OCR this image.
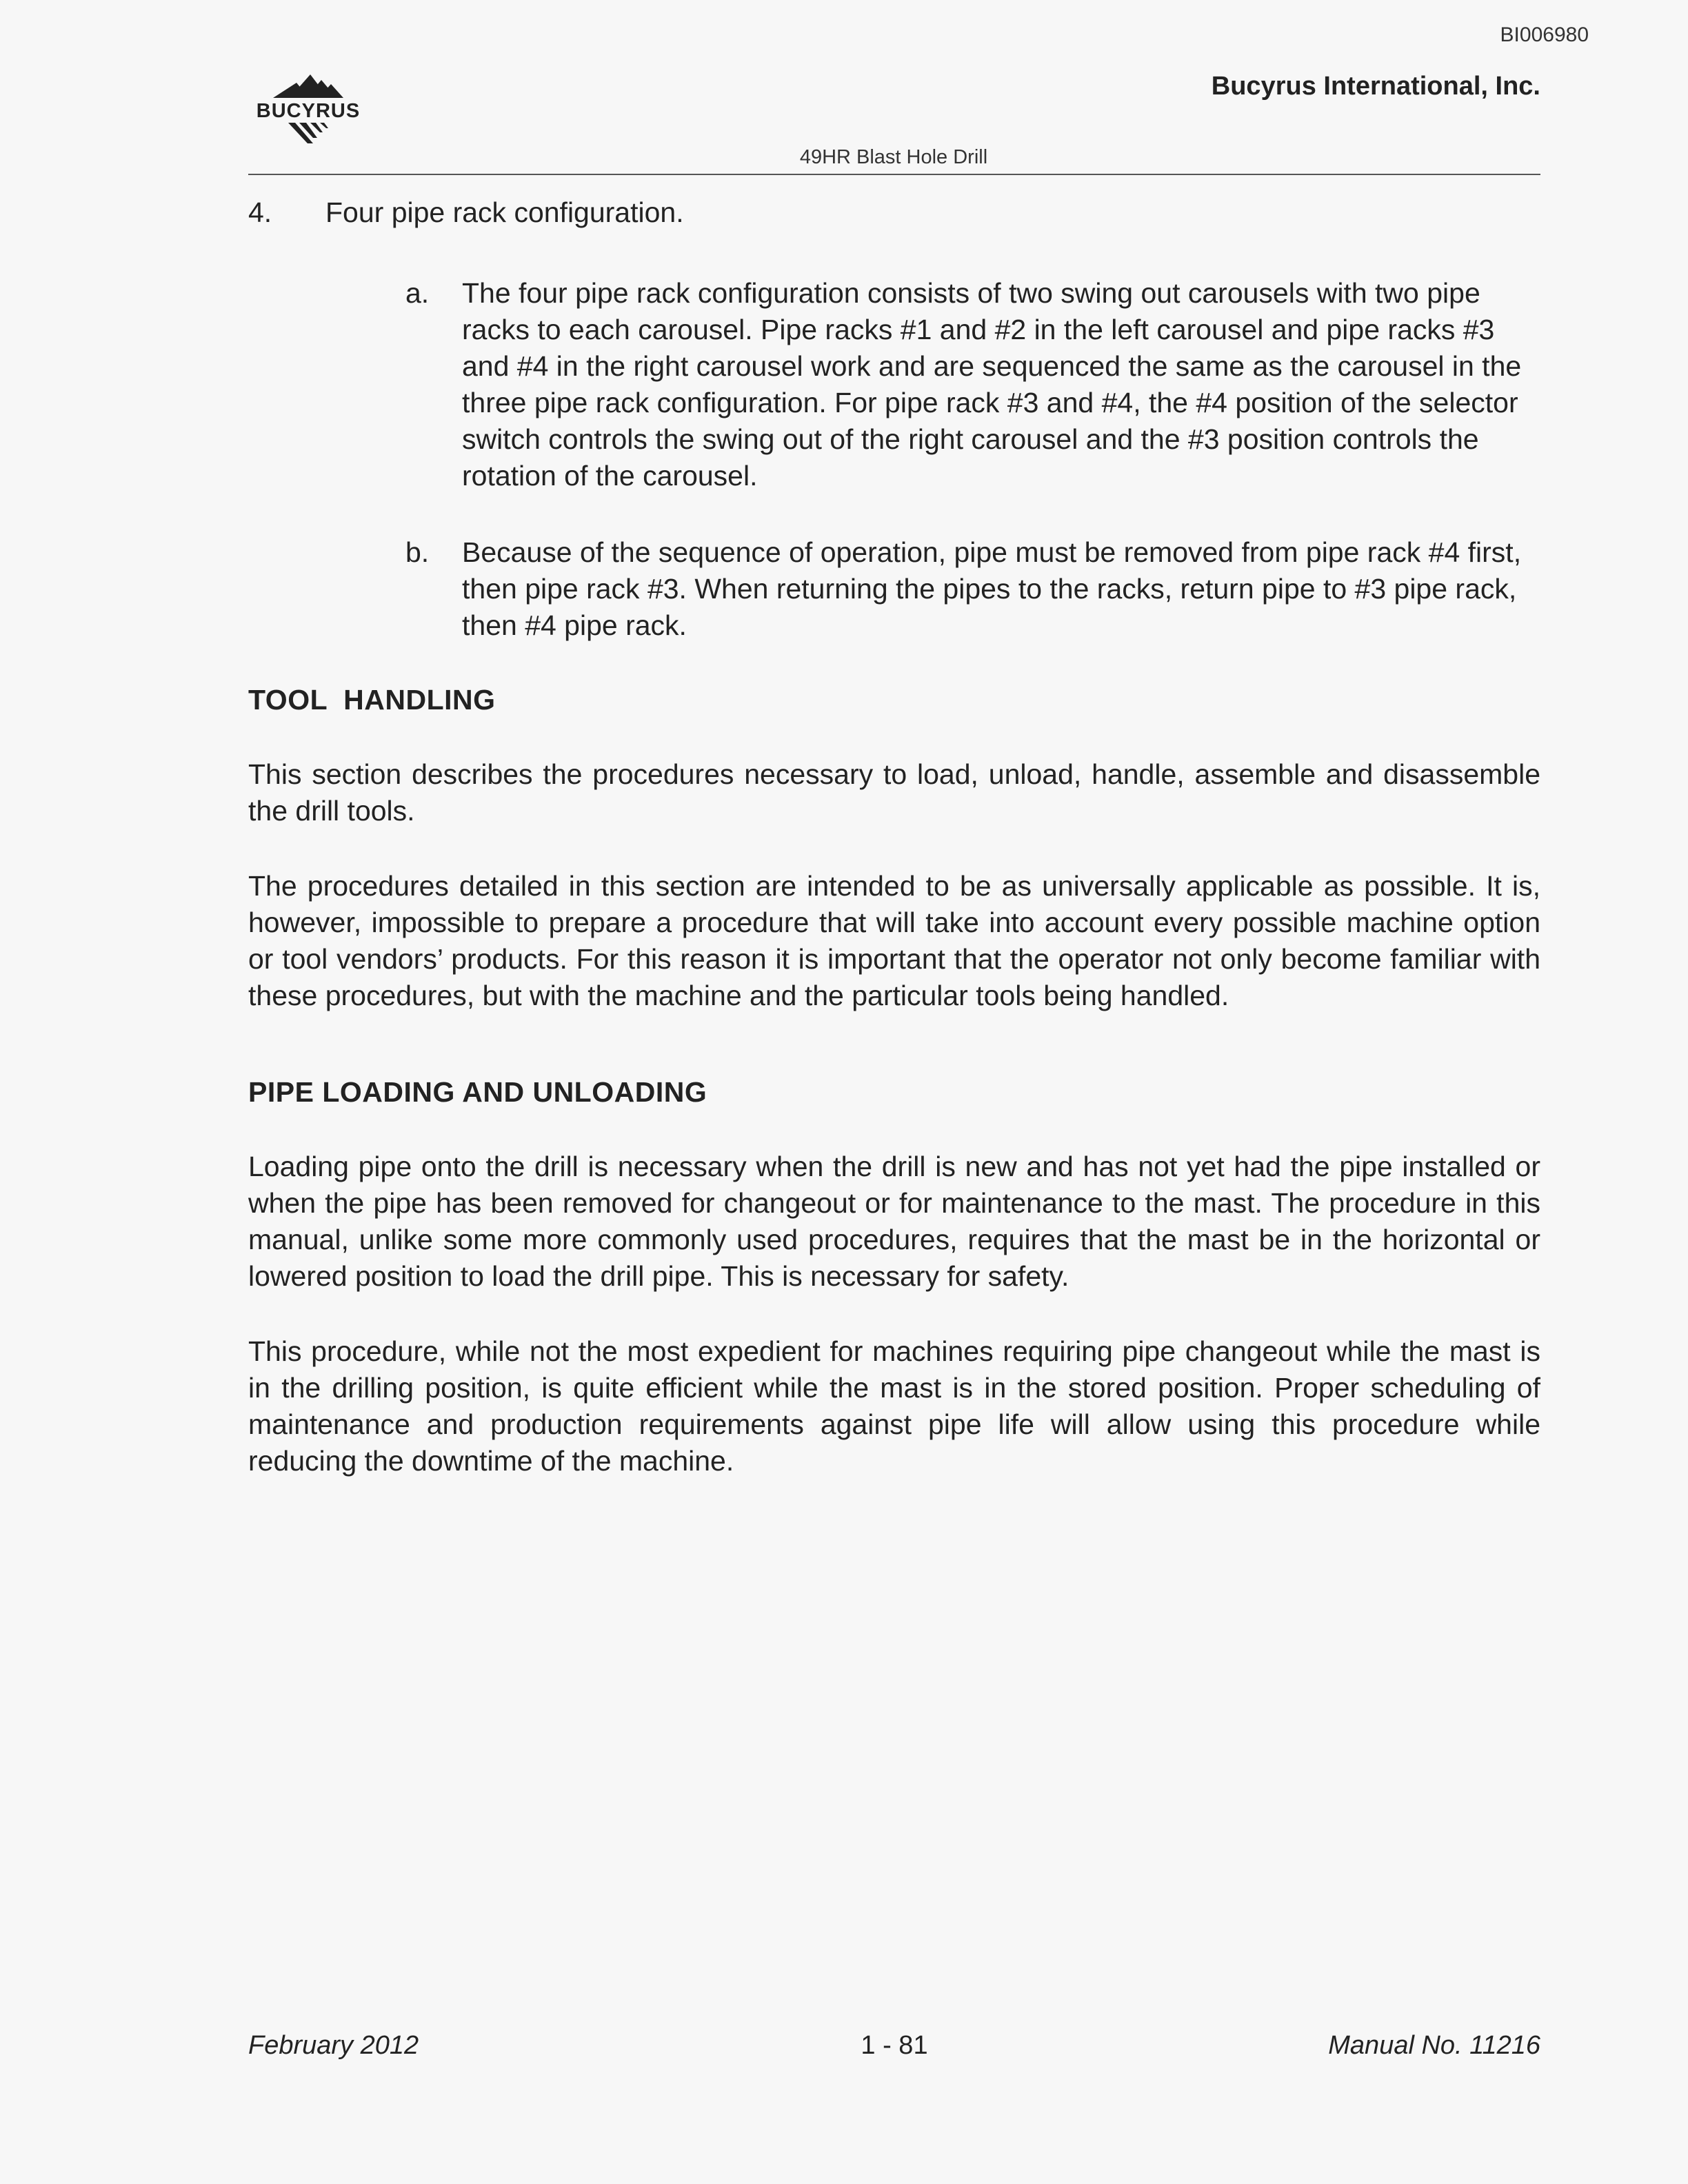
BI006980
BUCYRUS
Bucyrus International, Inc.
49HR Blast Hole Drill
4.	Four pipe rack configuration.
a.	The four pipe rack configuration consists of two swing out carousels with two pipe racks to each carousel. Pipe racks #1 and #2 in the left carousel and pipe racks #3 and #4 in the right carousel work and are sequenced the same as the carousel in the three pipe rack configuration. For pipe rack #3 and #4, the #4 position of the selector switch controls the swing out of the right carousel and the #3 position controls the rotation of the carousel.
b.	Because of the sequence of operation, pipe must be removed from pipe rack #4 first, then pipe rack #3. When returning the pipes to the racks, return pipe to #3 pipe rack, then #4 pipe rack.
TOOL  HANDLING

This section describes the procedures necessary to load, unload, handle, assemble and disassemble the drill tools.

The procedures detailed in this section are intended to be as universally applicable as possible. It is, however, impossible to prepare a procedure that will take into account every possible machine option or tool vendors’ products. For this reason it is important that the operator not only become familiar with these procedures, but with the machine and the particular tools being handled.

PIPE LOADING AND UNLOADING

Loading pipe onto the drill is necessary when the drill is new and has not yet had the pipe installed or when the pipe has been removed for changeout or for maintenance to the mast. The procedure in this manual, unlike some more commonly used procedures, requires that the mast be in the horizontal or lowered position to load the drill pipe. This is necessary for safety.

This procedure, while not the most expedient for machines requiring pipe changeout while the mast is in the drilling position, is quite efficient while the mast is in the stored position. Proper scheduling of maintenance and production requirements against pipe life will allow using this procedure while reducing the downtime of the machine.

February 2012	1 - 81	Manual No. 11216
